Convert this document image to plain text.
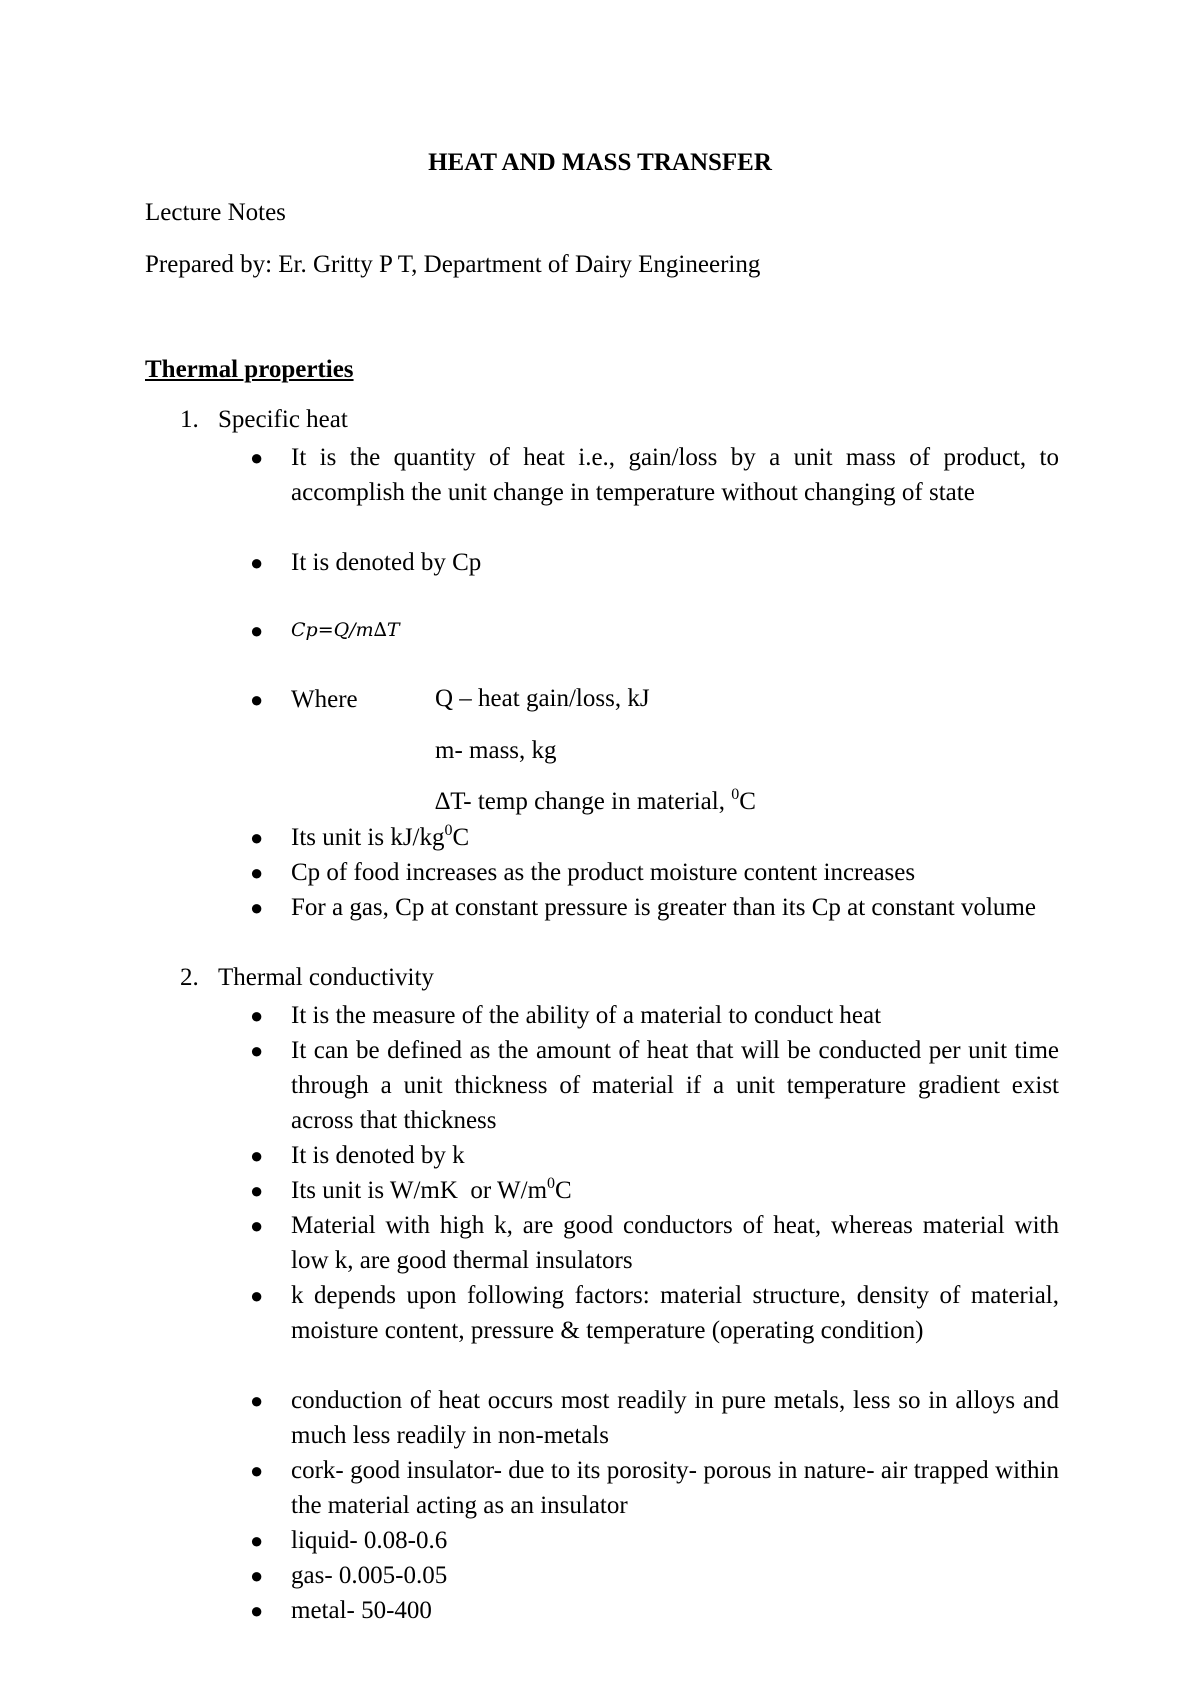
HEAT AND MASS TRANSFER
Lecture Notes
Prepared by: Er. Gritty P T, Department of Dairy Engineering
Thermal properties
1. Specific heat
● It is the quantity of heat i.e., gain/loss by a unit mass of product, to accomplish the unit change in temperature without changing of state
● It is denoted by Cp
● Cp=Q/m∆T
● Where	Q – heat gain/loss, kJ
m- mass, kg
∆T- temp change in material, $^0$C
● Its unit is $kJ/kg^0C$
● Cp of food increases as the product moisture content increases
● For a gas, Cp at constant pressure is greater than its Cp at constant volume
2. Thermal conductivity
● It is the measure of the ability of a material to conduct heat
● It can be defined as the amount of heat that will be conducted per unit time through a unit thickness of material if a unit temperature gradient exist across that thickness
● It is denoted by k
● Its unit is W/mK  or $W/m^0C$
● Material with high k, are good conductors of heat, whereas material with low k, are good thermal insulators
● k depends upon following factors: material structure, density of material, moisture content, pressure & temperature (operating condition)
● conduction of heat occurs most readily in pure metals, less so in alloys and much less readily in non-metals
● cork- good insulator- due to its porosity- porous in nature- air trapped within the material acting as an insulator
● liquid- 0.08-0.6
● gas- 0.005-0.05
● metal- 50-400
